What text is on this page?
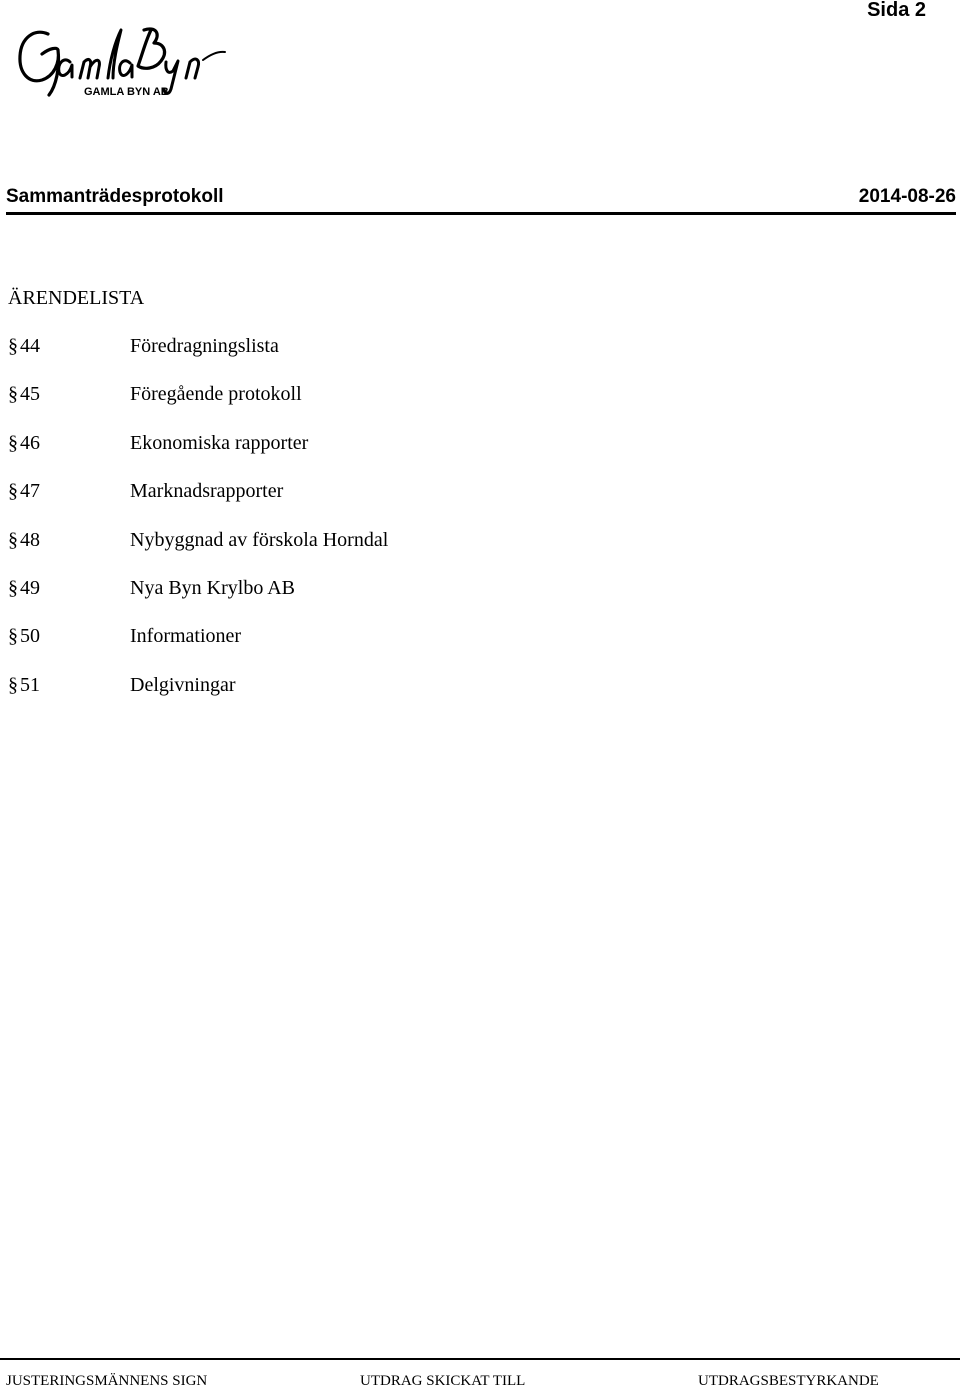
Sida 2
GAMLA BYN AB
Sammanträdesprotokoll	2014-08-26
ÄRENDELISTA
§ 44	Föredragningslista
§ 45	Föregående protokoll
§ 46	Ekonomiska rapporter
§ 47	Marknadsrapporter
§ 48	Nybyggnad av förskola Horndal
§ 49	Nya Byn Krylbo AB
§ 50	Informationer
§ 51	Delgivningar
JUSTERINGSMÄNNENS SIGN	UTDRAG SKICKAT TILL	UTDRAGSBESTYRKANDE
